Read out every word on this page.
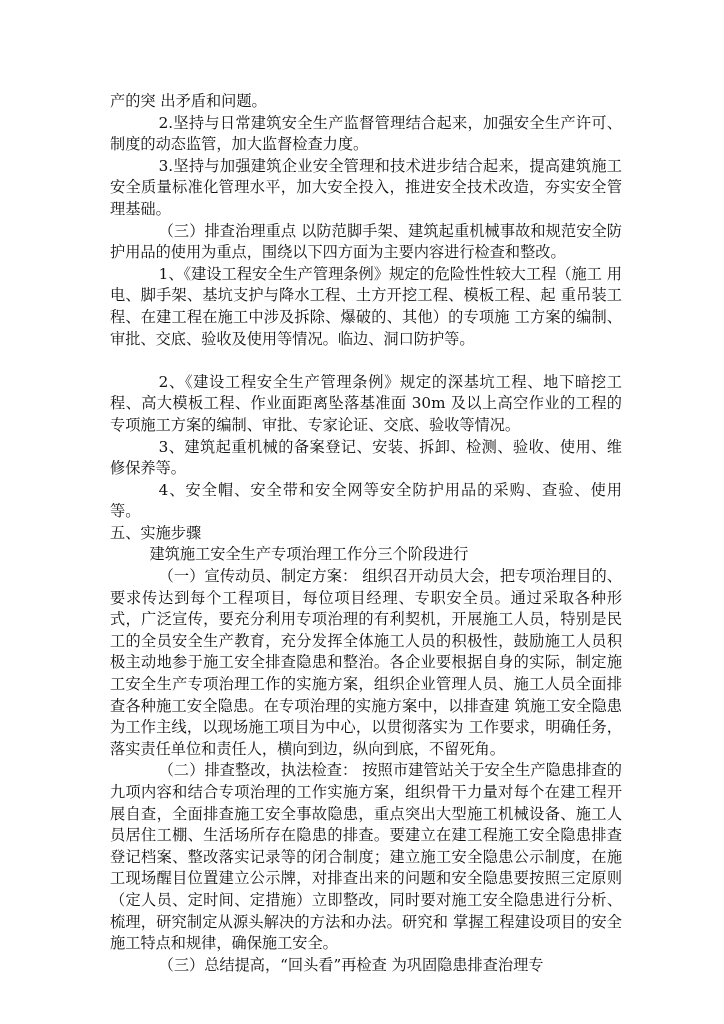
产的突 出矛盾和问题。

2.坚持与日常建筑安全生产监督管理结合起来，加强安全生产许可、制度的动态监管，加大监督检查力度。

3.坚持与加强建筑企业安全管理和技术进步结合起来，提高建筑施工安全质量标准化管理水平，加大安全投入，推进安全技术改造，夯实安全管理基础。

（三）排查治理重点 以防范脚手架、建筑起重机械事故和规范安全防护用品的使用为重点，围绕以下四方面为主要内容进行检查和整改。

1、《建设工程安全生产管理条例》规定的危险性性较大工程（施工 用电、脚手架、基坑支护与降水工程、土方开挖工程、模板工程、起 重吊装工程、在建工程在施工中涉及拆除、爆破的、其他）的专项施 工方案的编制、审批、交底、验收及使用等情况。临边、洞口防护等。

2、《建设工程安全生产管理条例》规定的深基坑工程、地下暗挖工程、高大模板工程、作业面距离坠落基准面 30m 及以上高空作业的工程的专项施工方案的编制、审批、专家论证、交底、验收等情况。

3、建筑起重机械的备案登记、安装、拆卸、检测、验收、使用、维修保养等。

4、安全帽、安全带和安全网等安全防护用品的采购、查验、使用等。

五、实施步骤

建筑施工安全生产专项治理工作分三个阶段进行

（一）宣传动员、制定方案： 组织召开动员大会，把专项治理目的、要求传达到每个工程项目，每位项目经理、专职安全员。通过采取各种形式，广泛宣传，要充分利用专项治理的有利契机，开展施工人员，特别是民工的全员安全生产教育，充分发挥全体施工人员的积极性，鼓励施工人员积极主动地参于施工安全排查隐患和整治。各企业要根据自身的实际，制定施工安全生产专项治理工作的实施方案，组织企业管理人员、施工人员全面排查各种施工安全隐患。在专项治理的实施方案中，以排查建 筑施工安全隐患为工作主线，以现场施工项目为中心，以贯彻落实为 工作要求，明确任务，落实责任单位和责任人，横向到边，纵向到底，不留死角。

（二）排查整改，执法检查： 按照市建管站关于安全生产隐患排查的九项内容和结合专项治理的工作实施方案，组织骨干力量对每个在建工程开展自查，全面排查施工安全事故隐患，重点突出大型施工机械设备、施工人员居住工棚、生活场所存在隐患的排查。要建立在建工程施工安全隐患排查登记档案、整改落实记录等的闭合制度；建立施工安全隐患公示制度，在施工现场醒目位置建立公示牌，对排查出来的问题和安全隐患要按照三定原则（定人员、定时间、定措施）立即整改，同时要对施工安全隐患进行分析、梳理，研究制定从源头解决的方法和办法。研究和 掌握工程建设项目的安全施工特点和规律，确保施工安全。

（三）总结提高，“回头看”再检查 为巩固隐患排查治理专
